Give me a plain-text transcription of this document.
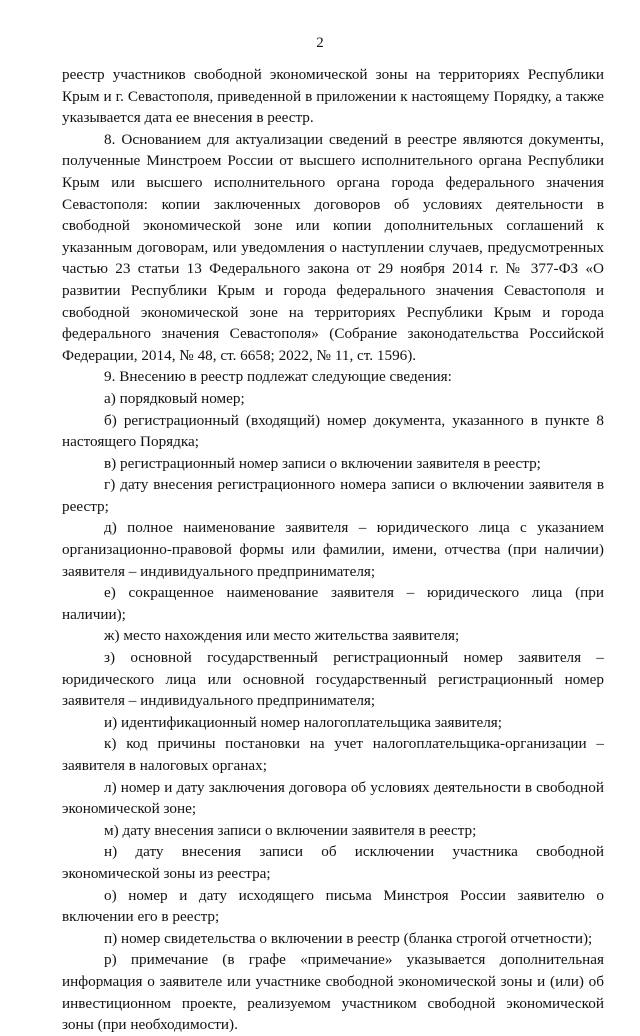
2

реестр участников свободной экономической зоны на территориях Республики Крым и г. Севастополя, приведенной в приложении к настоящему Порядку, а также указывается дата ее внесения в реестр.

8. Основанием для актуализации сведений в реестре являются документы, полученные Минстроем России от высшего исполнительного органа Республики Крым или высшего исполнительного органа города федерального значения Севастополя: копии заключенных договоров об условиях деятельности в свободной экономической зоне или копии дополнительных соглашений к указанным договорам, или уведомления о наступлении случаев, предусмотренных частью 23 статьи 13 Федерального закона от 29 ноября 2014 г. № 377-ФЗ «О развитии Республики Крым и города федерального значения Севастополя и свободной экономической зоне на территориях Республики Крым и города федерального значения Севастополя» (Собрание законодательства Российской Федерации, 2014, № 48, ст. 6658; 2022, № 11, ст. 1596).

9. Внесению в реестр подлежат следующие сведения:

а) порядковый номер;

б) регистрационный (входящий) номер документа, указанного в пункте 8 настоящего Порядка;

в) регистрационный номер записи о включении заявителя в реестр;

г) дату внесения регистрационного номера записи о включении заявителя в реестр;

д) полное наименование заявителя – юридического лица с указанием организационно-правовой формы или фамилии, имени, отчества (при наличии) заявителя – индивидуального предпринимателя;

е) сокращенное наименование заявителя – юридического лица (при наличии);

ж) место нахождения или место жительства заявителя;

з) основной государственный регистрационный номер заявителя – юридического лица или основной государственный регистрационный номер заявителя – индивидуального предпринимателя;

и) идентификационный номер налогоплательщика заявителя;

к) код причины постановки на учет налогоплательщика-организации – заявителя в налоговых органах;

л) номер и дату заключения договора об условиях деятельности в свободной экономической зоне;

м) дату внесения записи о включении заявителя в реестр;

н) дату внесения записи об исключении участника свободной экономической зоны из реестра;

о) номер и дату исходящего письма Минстроя России заявителю о включении его в реестр;

п) номер свидетельства о включении в реестр (бланка строгой отчетности);

р) примечание (в графе «примечание» указывается дополнительная информация о заявителе или участнике свободной экономической зоны и (или) об инвестиционном проекте, реализуемом участником свободной экономической зоны (при необходимости).
